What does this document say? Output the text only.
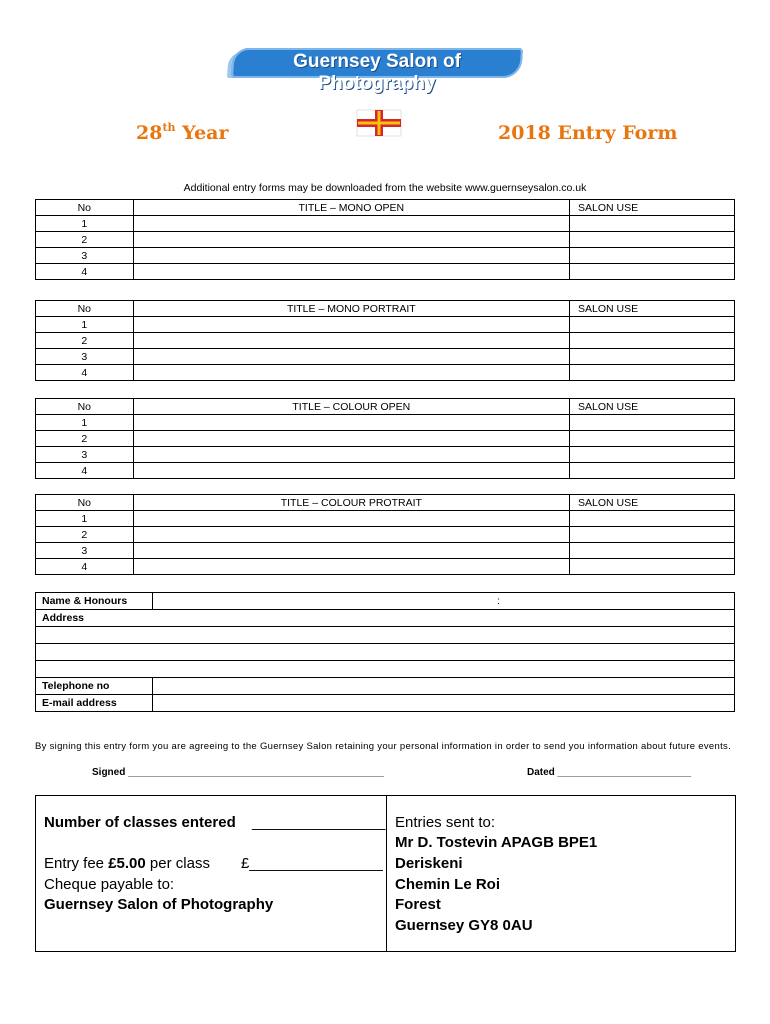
Guernsey Salon of Photography
28th Year	2018 Entry Form
Additional entry forms may be downloaded from the website www.guernseysalon.co.uk
No	TITLE – MONO OPEN	SALON USE
1		
2		
3		
4		
No	TITLE – MONO PORTRAIT	SALON USE
1		
2		
3		
4		
No	TITLE – COLOUR OPEN	SALON USE
1		
2		
3		
4		
No	TITLE – COLOUR PROTRAIT	SALON USE
1		
2		
3		
4		
Name & Honours	:
Address	

Telephone no	
E-mail address	
By signing this entry form you are agreeing to the Guernsey Salon retaining your personal information in order to send you information about future events.
Signed ______________________________________________	Dated ________________________
Number of classes entered ________________
Entry fee £5.00 per class £________________
Cheque payable to:
Guernsey Salon of Photography
Entries sent to:
Mr D. Tostevin APAGB BPE1
Deriskeni
Chemin Le Roi
Forest
Guernsey GY8 0AU
